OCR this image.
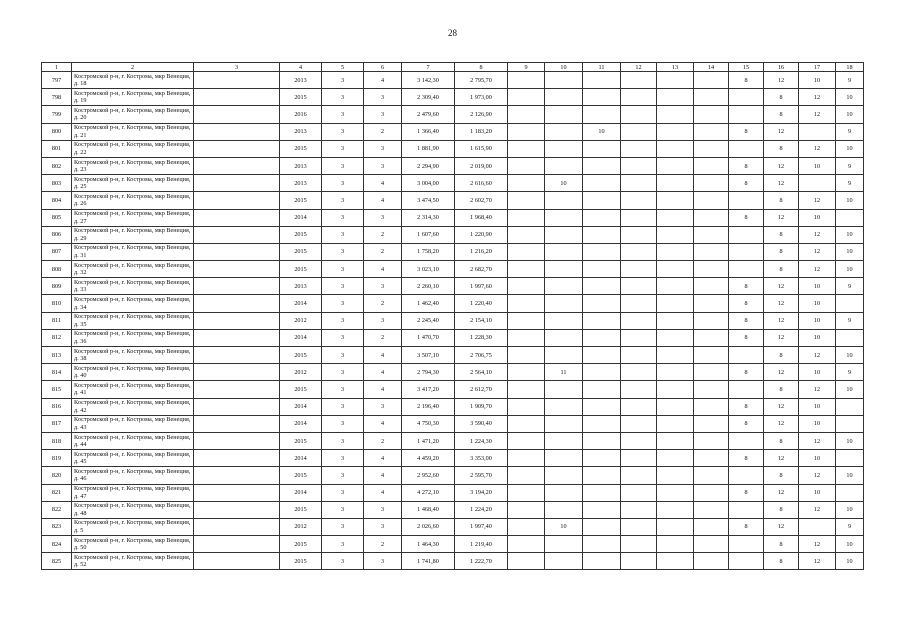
28
1	2	3	4	5	6	7	8	9	10	11	12	13	14	15	16	17	18
797	Костромской р-н, г. Кострома, мкр Венеция, д. 18		2013	3	4	3 142,30	2 795,70							8	12	10	9
798	Костромской р-н, г. Кострома, мкр Венеция, д. 19		2015	3	3	2 309,40	1 973,00								8	12	10
799	Костромской р-н, г. Кострома, мкр Венеция, д. 20		2016	3	3	2 479,60	2 126,90								8	12	10
800	Костромской р-н, г. Кострома, мкр Венеция, д. 21		2013	3	2	1 366,40	1 183,20			10				8	12		9
801	Костромской р-н, г. Кострома, мкр Венеция, д. 22		2015	3	3	1 881,90	1 615,90								8	12	10
802	Костромской р-н, г. Кострома, мкр Венеция, д. 23		2013	3	3	2 294,90	2 019,00							8	12	10	9
803	Костромской р-н, г. Кострома, мкр Венеция, д. 25		2013	3	4	3 004,00	2 616,60		10					8	12		9
804	Костромской р-н, г. Кострома, мкр Венеция, д. 26		2015	3	4	3 474,50	2 602,70								8	12	10
805	Костромской р-н, г. Кострома, мкр Венеция, д. 27		2014	3	3	2 314,30	1 968,40							8	12	10	
806	Костромской р-н, г. Кострома, мкр Венеция, д. 29		2015	3	2	1 607,60	1 220,90								8	12	10
807	Костромской р-н, г. Кострома, мкр Венеция, д. 31		2015	3	2	1 758,20	1 216,20								8	12	10
808	Костромской р-н, г. Кострома, мкр Венеция, д. 32		2015	3	4	3 023,10	2 682,70								8	12	10
809	Костромской р-н, г. Кострома, мкр Венеция, д. 33		2013	3	3	2 260,10	1 997,60							8	12	10	9
810	Костромской р-н, г. Кострома, мкр Венеция, д. 34		2014	3	2	1 462,40	1 220,40							8	12	10	
811	Костромской р-н, г. Кострома, мкр Венеция, д. 35		2012	3	3	2 245,40	2 154,10							8	12	10	9
812	Костромской р-н, г. Кострома, мкр Венеция, д. 36		2014	3	2	1 470,70	1 228,30							8	12	10	
813	Костромской р-н, г. Кострома, мкр Венеция, д. 38		2015	3	4	3 507,10	2 706,75								8	12	10
814	Костромской р-н, г. Кострома, мкр Венеция, д. 40		2012	3	4	2 794,30	2 564,10		11					8	12	10	9
815	Костромской р-н, г. Кострома, мкр Венеция, д. 41		2015	3	4	3 417,20	2 612,70								8	12	10
816	Костромской р-н, г. Кострома, мкр Венеция, д. 42		2014	3	3	2 196,40	1 909,70							8	12	10	
817	Костромской р-н, г. Кострома, мкр Венеция, д. 43		2014	3	4	4 750,30	3 590,40							8	12	10	
818	Костромской р-н, г. Кострома, мкр Венеция, д. 44		2015	3	2	1 471,20	1 224,30								8	12	10
819	Костромской р-н, г. Кострома, мкр Венеция, д. 45		2014	3	4	4 459,20	3 353,00							8	12	10	
820	Костромской р-н, г. Кострома, мкр Венеция, д. 46		2015	3	4	2 952,60	2 595,70								8	12	10
821	Костромской р-н, г. Кострома, мкр Венеция, д. 47		2014	3	4	4 272,10	3 194,20							8	12	10	
822	Костромской р-н, г. Кострома, мкр Венеция, д. 48		2015	3	3	1 468,40	1 224,20								8	12	10
823	Костромской р-н, г. Кострома, мкр Венеция, д. 5		2012	3	3	2 026,60	1 997,40		10					8	12		9
824	Костромской р-н, г. Кострома, мкр Венеция, д. 50		2015	3	2	1 464,30	1 219,40								8	12	10
825	Костромской р-н, г. Кострома, мкр Венеция, д. 52		2015	3	3	1 741,80	1 222,70								8	12	10
